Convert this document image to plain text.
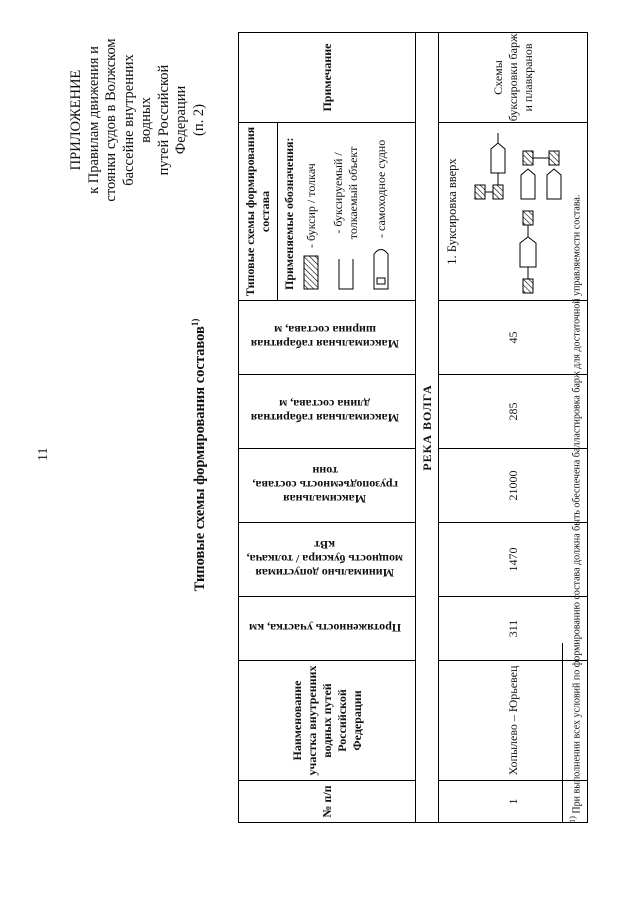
11
ПРИЛОЖЕНИЕ к Правилам движения и стоянки судов в Волжском бассейне внутренних водных путей Российской Федерации (п. 2)
Типовые схемы формирования составов$^{1)}$
№ п/п	Наименование участка внутренних водных путей Российской Федерации	Протяженность участка, км	Минимально допустимая мощность буксира / толкача, кВт	Максимальная грузоподъемность состава, тонн	Максимальная габаритная длина состава, м	Максимальная габаритная ширина состава, м	Типовые схемы формирования состава Применяемые обозначения: - буксир / толкач - буксируемый / толкаемый объект - самоходное судно	Примечание
РЕКА ВОЛГА								
1	Хопылево – Юрьевец	311	1470	21000	285	45	1. Буксировка вверх	Схемы буксировки барж и плавкранов
$^{1)}$ При выполнении всех условий по формированию состава должна быть обеспечена балластировка барж для достаточной управляемости состава.
